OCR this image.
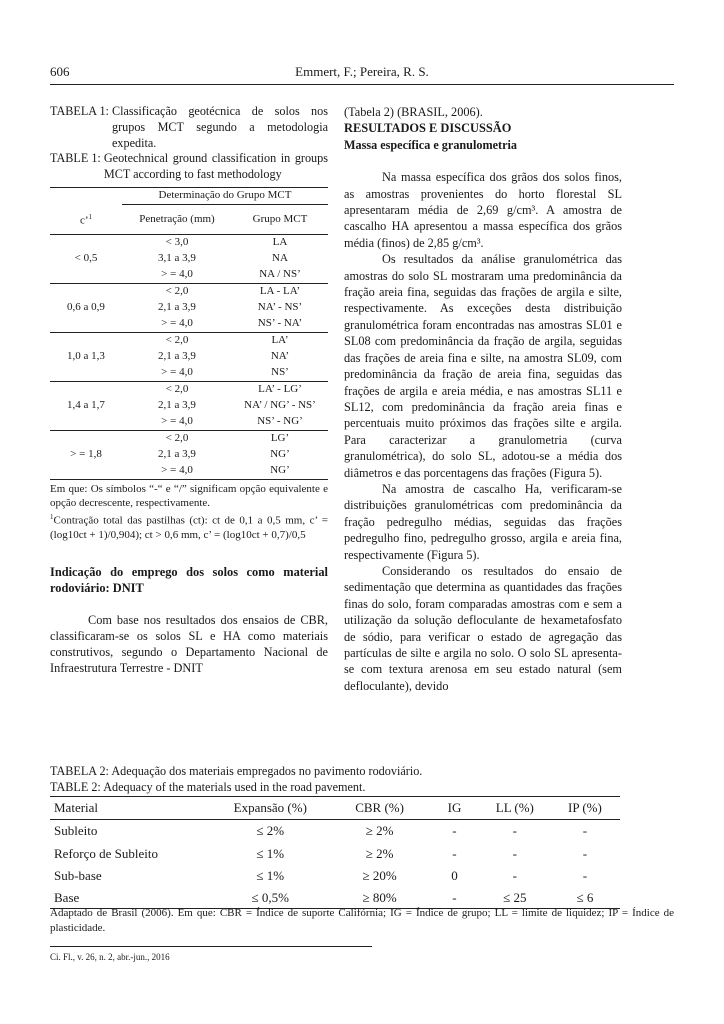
606	Emmert, F.; Pereira, R. S.
TABELA 1: Classificação geotécnica de solos nos grupos MCT segundo a metodologia expedita.
TABLE 1: Geotechnical ground classification in groups MCT according to fast methodology
	Determinação do Grupo MCT	
c’$^1$	Penetração (mm)	Grupo MCT
< 0,5	< 3,0	LA
	3,1 a 3,9	NA
	> = 4,0	NA / NS’
0,6 a 0,9	< 2,0	LA - LA’
	2,1 a 3,9	NA’ - NS’
	> = 4,0	NS’ - NA’
1,0 a 1,3	< 2,0	LA’
	2,1 a 3,9	NA’
	> = 4,0	NS’
1,4 a 1,7	< 2,0	LA’ - LG’
	2,1 a 3,9	NA’ / NG’ - NS’
	> = 4,0	NS’ - NG’
> = 1,8	< 2,0	LG’
	2,1 a 3,9	NG’
	> = 4,0	NG’
Em que: Os símbolos “-“ e “/” significam opção equivalente e opção decrescente, respectivamente.
$^1$Contração total das pastilhas (ct): ct de 0,1 a 0,5 mm, c’ = (log10ct + 1)/0,904); ct > 0,6 mm, c’ = (log10ct + 0,7)/0,5
Indicação do emprego dos solos como material rodoviário: DNIT
Com base nos resultados dos ensaios de CBR, classificaram-se os solos SL e HA como materiais construtivos, segundo o Departamento Nacional de Infraestrutura Terrestre - DNIT

(Tabela 2) (BRASIL, 2006).

RESULTADOS E DISCUSSÃO

Massa específica e granulometria

Na massa específica dos grãos dos solos finos, as amostras provenientes do horto florestal SL apresentaram média de 2,69 g/cm³. A amostra de cascalho HA apresentou a massa específica dos grãos média (finos) de 2,85 g/cm³.

Os resultados da análise granulométrica das amostras do solo SL mostraram uma predominância da fração areia fina, seguidas das frações de argila e silte, respectivamente. As exceções desta distribuição granulométrica foram encontradas nas amostras SL01 e SL08 com predominância da fração de argila, seguidas das frações de areia fina e silte, na amostra SL09, com predominância da fração de areia fina, seguidas das frações de argila e areia média, e nas amostras SL11 e SL12, com predominância da fração areia finas e percentuais muito próximos das frações silte e argila. Para caracterizar a granulometria (curva granulométrica), do solo SL, adotou-se a média dos diâmetros e das porcentagens das frações (Figura 5).

Na amostra de cascalho Ha, verificaram-se distribuições granulométricas com predominância da fração pedregulho médias, seguidas das frações pedregulho fino, pedregulho grosso, argila e areia fina, respectivamente (Figura 5).

Considerando os resultados do ensaio de sedimentação que determina as quantidades das frações finas do solo, foram comparadas amostras com e sem a utilização da solução defloculante de hexametafosfato de sódio, para verificar o estado de agregação das partículas de silte e argila no solo. O solo SL apresenta-se com textura arenosa em seu estado natural (sem defloculante), devido

TABELA 2: Adequação dos materiais empregados no pavimento rodoviário.
TABLE 2: Adequacy of the materials used in the road pavement.
Material	Expansão (%)	CBR (%)	IG	LL (%)	IP (%)
Subleito	≤ 2%	≥ 2%	-	-	-
Reforço de Subleito	≤ 1%	≥ 2%	-	-	-
Sub-base	≤ 1%	≥ 20%	0	-	-
Base	≤ 0,5%	≥ 80%	-	≤ 25	≤ 6
Adaptado de Brasil (2006). Em que: CBR = Índice de suporte Califórnia; IG = Índice de grupo; LL = limite de liquidez; IP = Índice de plasticidade.
Ci. Fl., v. 26, n. 2, abr.-jun., 2016
